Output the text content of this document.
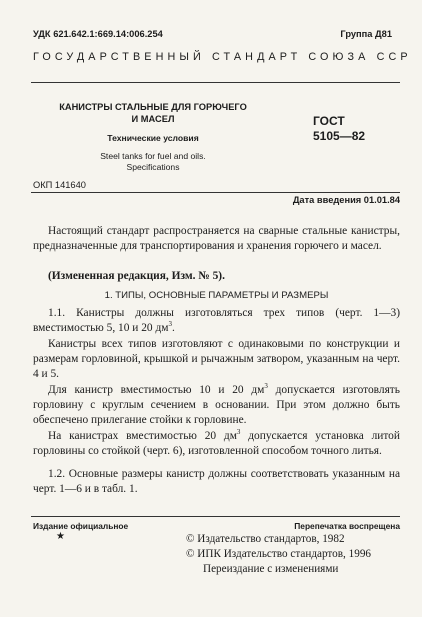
УДК 621.642.1:669.14:006.254	Группа Д81
ГОСУДАРСТВЕННЫЙ СТАНДАРТ СОЮЗА ССР
КАНИСТРЫ СТАЛЬНЫЕ ДЛЯ ГОРЮЧЕГО
И МАСЕЛ
Технические условия
Steel tanks for fuel and oils.
Specifications
ГОСТ
5105—82
ОКП 141640
Дата введения 01.01.84
Настоящий стандарт распространяется на сварные стальные канистры, предназначенные для транспортирования и хранения горючего и масел.
(Измененная редакция, Изм. № 5).
1. ТИПЫ, ОСНОВНЫЕ ПАРАМЕТРЫ И РАЗМЕРЫ
1.1. Канистры должны изготовляться трех типов (черт. 1—3) вместимостью 5, 10 и 20 $дм^3$.
Канистры всех типов изготовляют с одинаковыми по конструкции и размерам горловиной, крышкой и рычажным затвором, указанным на черт. 4 и 5.
Для канистр вместимостью 10 и 20 $дм^3$ допускается изготовлять горловину с круглым сечением в основании. При этом должно быть обеспечено прилегание стойки к горловине.
На канистрах вместимостью 20 $дм^3$ допускается установка литой горловины со стойкой (черт. 6), изготовленной способом точного литья.
1.2. Основные размеры канистр должны соответствовать указанным на черт. 1—6 и в табл. 1.
Издание официальное
★
Перепечатка воспрещена
© Издательство стандартов, 1982
© ИПК Издательство стандартов, 1996
Переиздание с изменениями
